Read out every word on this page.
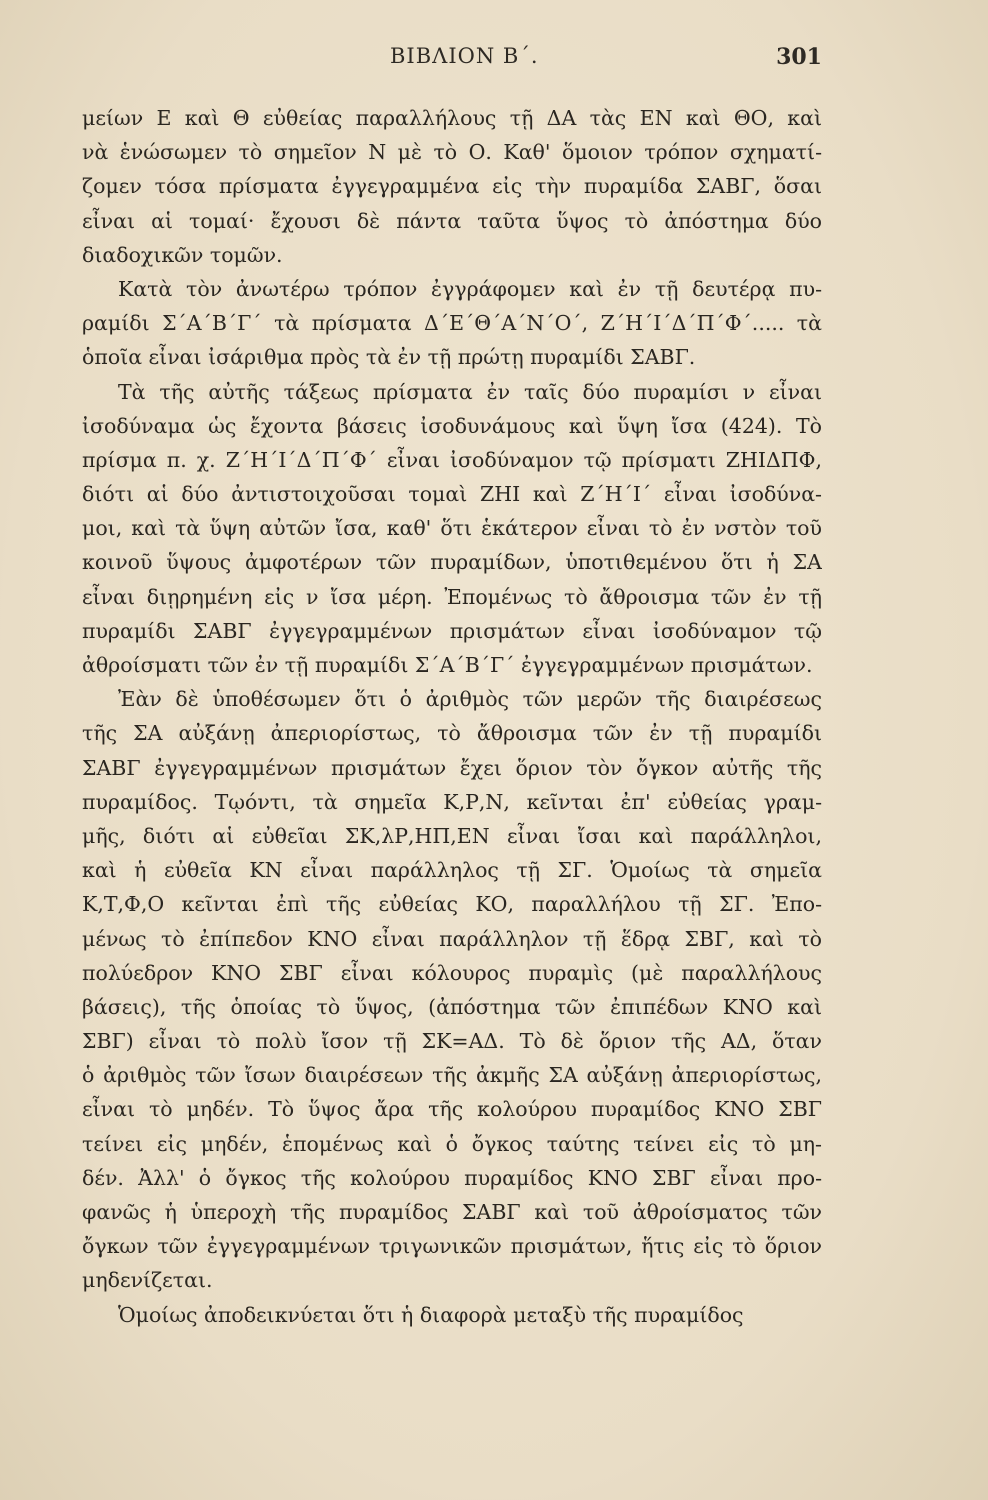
ΒΙΒΛΙΟΝ Β΄.	301
μείων Ε καὶ Θ εὐθείας παραλλήλους τῇ ΔΑ τὰς ΕΝ καὶ ΘΟ, καὶ
νὰ ἑνώσωμεν τὸ σημεῖον Ν μὲ τὸ Ο. Καθ' ὅμοιον τρόπον σχηματί-
ζομεν τόσα πρίσματα ἐγγεγραμμένα εἰς τὴν πυραμίδα ΣΑΒΓ, ὅσαι
εἶναι αἱ τομαί· ἔχουσι δὲ πάντα ταῦτα ὕψος τὸ ἀπόστημα δύο
διαδοχικῶν τομῶν.
Κατὰ τὸν ἀνωτέρω τρόπον ἐγγράφομεν καὶ ἐν τῇ δευτέρᾳ πυ-
ραμίδι Σ΄Α΄Β΄Γ΄ τὰ πρίσματα Δ΄Ε΄Θ΄Α΄Ν΄Ο΄, Ζ΄Η΄Ι΄Δ΄Π΄Φ΄..... τὰ
ὁποῖα εἶναι ἰσάριθμα πρὸς τὰ ἐν τῇ πρώτῃ πυραμίδι ΣΑΒΓ.
Τὰ τῆς αὐτῆς τάξεως πρίσματα ἐν ταῖς δύο πυραμίσι ν εἶναι
ἰσοδύναμα ὡς ἔχοντα βάσεις ἰσοδυνάμους καὶ ὕψη ἴσα (424). Τὸ
πρίσμα π. χ. Ζ΄Η΄Ι΄Δ΄Π΄Φ΄ εἶναι ἰσοδύναμον τῷ πρίσματι ΖΗΙΔΠΦ,
διότι αἱ δύο ἀντιστοιχοῦσαι τομαὶ ΖΗΙ καὶ Ζ΄Η΄Ι΄ εἶναι ἰσοδύνα-
μοι, καὶ τὰ ὕψη αὐτῶν ἴσα, καθ' ὅτι ἑκάτερον εἶναι τὸ ἐν νστὸν τοῦ
κοινοῦ ὕψους ἀμφοτέρων τῶν πυραμίδων, ὑποτιθεμένου ὅτι ἡ ΣΑ
εἶναι διῃρημένη εἰς ν ἴσα μέρη. Ἐπομένως τὸ ἄθροισμα τῶν ἐν τῇ
πυραμίδι ΣΑΒΓ ἐγγεγραμμένων πρισμάτων εἶναι ἰσοδύναμον τῷ
ἀθροίσματι τῶν ἐν τῇ πυραμίδι Σ΄Α΄Β΄Γ΄ ἐγγεγραμμένων πρισμάτων.
Ἐὰν δὲ ὑποθέσωμεν ὅτι ὁ ἀριθμὸς τῶν μερῶν τῆς διαιρέσεως
τῆς ΣΑ αὐξάνῃ ἀπεριορίστως, τὸ ἄθροισμα τῶν ἐν τῇ πυραμίδι
ΣΑΒΓ ἐγγεγραμμένων πρισμάτων ἔχει ὅριον τὸν ὄγκον αὐτῆς τῆς
πυραμίδος. Τῳόντι, τὰ σημεῖα Κ,Ρ,Ν, κεῖνται ἐπ' εὐθείας γραμ-
μῆς, διότι αἱ εὐθεῖαι ΣΚ,λΡ,ΗΠ,ΕΝ εἶναι ἴσαι καὶ παράλληλοι,
καὶ ἡ εὐθεῖα ΚΝ εἶναι παράλληλος τῇ ΣΓ. Ὁμοίως τὰ σημεῖα
Κ,Τ,Φ,Ο κεῖνται ἐπὶ τῆς εὐθείας ΚΟ, παραλλήλου τῇ ΣΓ. Ἐπο-
μένως τὸ ἐπίπεδον ΚΝΟ εἶναι παράλληλον τῇ ἕδρᾳ ΣΒΓ, καὶ τὸ
πολύεδρον ΚΝΟ ΣΒΓ εἶναι κόλουρος πυραμὶς (μὲ παραλλήλους
βάσεις), τῆς ὁποίας τὸ ὕψος, (ἀπόστημα τῶν ἐπιπέδων ΚΝΟ καὶ
ΣΒΓ) εἶναι τὸ πολὺ ἴσον τῇ ΣΚ=ΑΔ. Τὸ δὲ ὅριον τῆς ΑΔ, ὅταν
ὁ ἀριθμὸς τῶν ἴσων διαιρέσεων τῆς ἀκμῆς ΣΑ αὐξάνῃ ἀπεριορίστως,
εἶναι τὸ μηδέν. Τὸ ὕψος ἄρα τῆς κολούρου πυραμίδος ΚΝΟ ΣΒΓ
τείνει εἰς μηδέν, ἑπομένως καὶ ὁ ὄγκος ταύτης τείνει εἰς τὸ μη-
δέν. Ἀλλ' ὁ ὄγκος τῆς κολούρου πυραμίδος ΚΝΟ ΣΒΓ εἶναι προ-
φανῶς ἡ ὑπεροχὴ τῆς πυραμίδος ΣΑΒΓ καὶ τοῦ ἀθροίσματος τῶν
ὄγκων τῶν ἐγγεγραμμένων τριγωνικῶν πρισμάτων, ἥτις εἰς τὸ ὅριον
μηδενίζεται.
Ὁμοίως ἀποδεικνύεται ὅτι ἡ διαφορὰ μεταξὺ τῆς πυραμίδος
